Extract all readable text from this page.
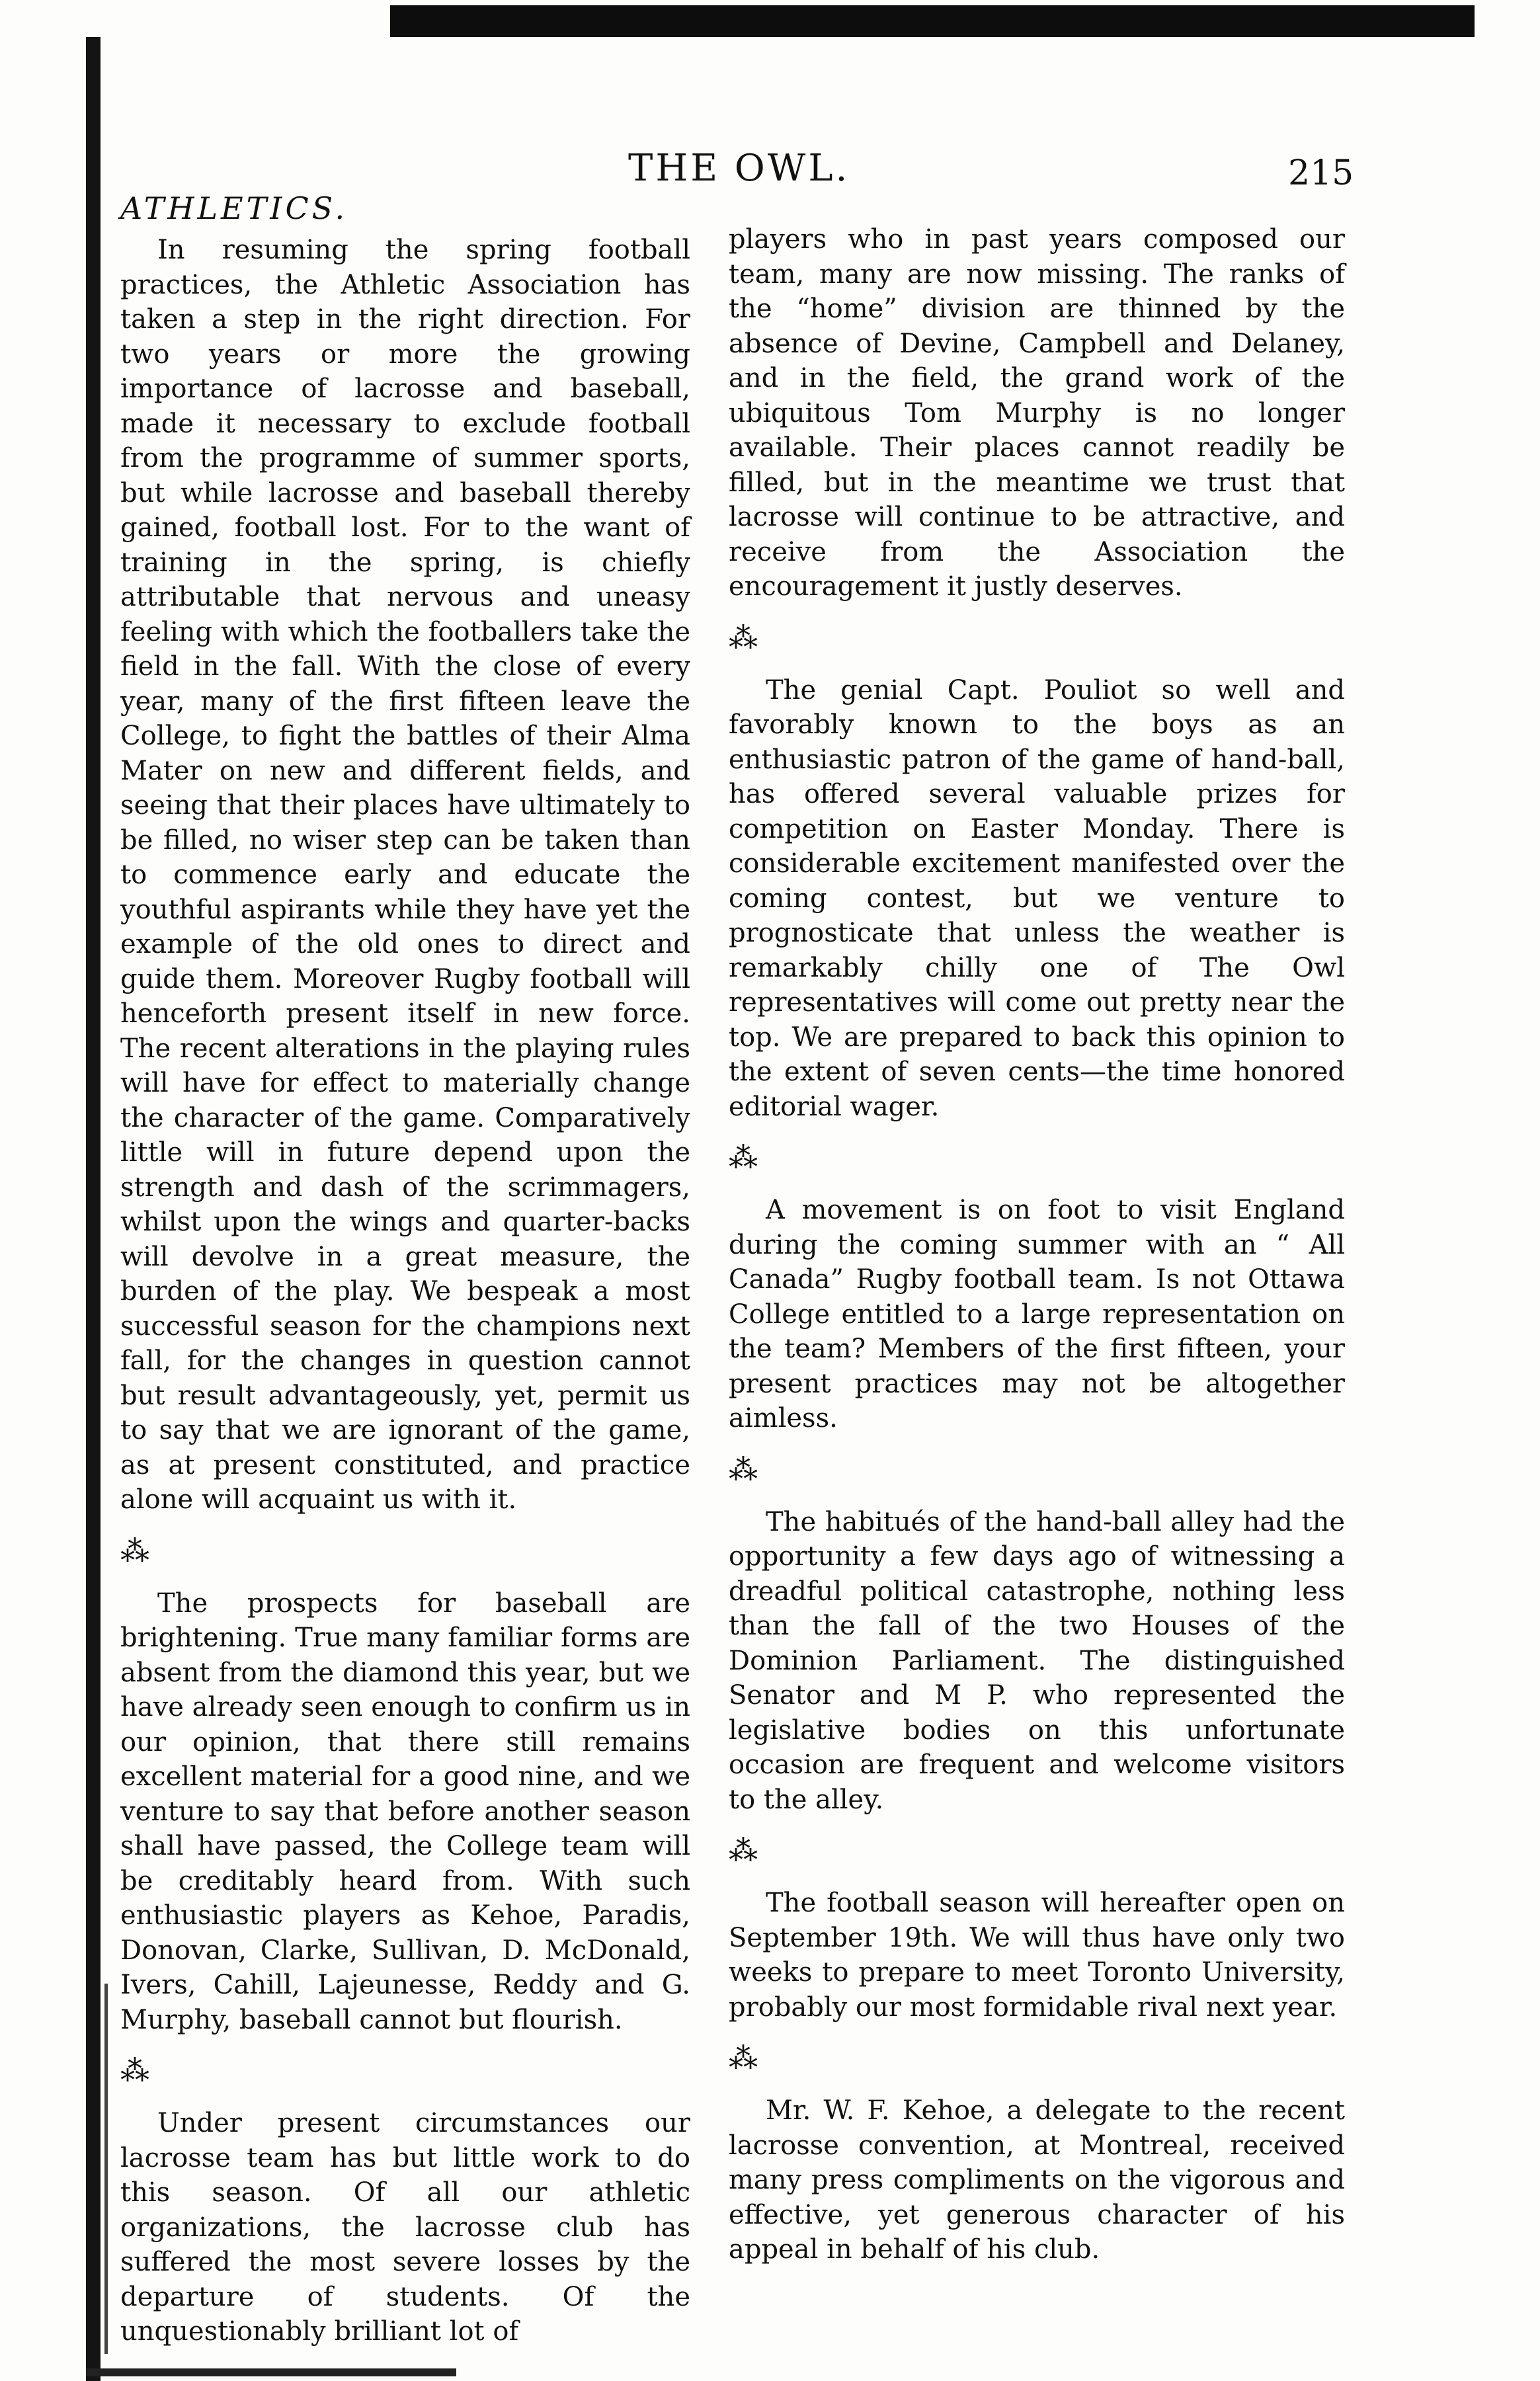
THE OWL.	215
ATHLETICS.

In resuming the spring football practices, the Athletic Association has taken a step in the right direction. For two years or more the growing importance of lacrosse and baseball, made it necessary to exclude football from the programme of summer sports, but while lacrosse and baseball thereby gained, football lost. For to the want of training in the spring, is chiefly attributable that nervous and uneasy feeling with which the footballers take the field in the fall. With the close of every year, many of the first fifteen leave the College, to fight the battles of their Alma Mater on new and different fields, and seeing that their places have ultimately to be filled, no wiser step can be taken than to commence early and educate the youthful aspirants while they have yet the example of the old ones to direct and guide them. Moreover Rugby football will henceforth present itself in new force. The recent alterations in the playing rules will have for effect to materially change the character of the game. Comparatively little will in future depend upon the strength and dash of the scrimmagers, whilst upon the wings and quarter-backs will devolve in a great measure, the burden of the play. We bespeak a most successful season for the champions next fall, for the changes in question cannot but result advantageously, yet, permit us to say that we are ignorant of the game, as at present constituted, and practice alone will acquaint us with it.

⁂

The prospects for baseball are brightening. True many familiar forms are absent from the diamond this year, but we have already seen enough to confirm us in our opinion, that there still remains excellent material for a good nine, and we venture to say that before another season shall have passed, the College team will be creditably heard from. With such enthusiastic players as Kehoe, Paradis, Donovan, Clarke, Sullivan, D. McDonald, Ivers, Cahill, Lajeunesse, Reddy and G. Murphy, baseball cannot but flourish.

⁂

Under present circumstances our lacrosse team has but little work to do this season. Of all our athletic organizations, the lacrosse club has suffered the most severe losses by the departure of students. Of the unquestionably brilliant lot of

players who in past years composed our team, many are now missing. The ranks of the “home” division are thinned by the absence of Devine, Campbell and Delaney, and in the field, the grand work of the ubiquitous Tom Murphy is no longer available. Their places cannot readily be filled, but in the meantime we trust that lacrosse will continue to be attractive, and receive from the Association the encouragement it justly deserves.

⁂

The genial Capt. Pouliot so well and favorably known to the boys as an enthusiastic patron of the game of hand-ball, has offered several valuable prizes for competition on Easter Monday. There is considerable excitement manifested over the coming contest, but we venture to prognosticate that unless the weather is remarkably chilly one of The Owl representatives will come out pretty near the top. We are prepared to back this opinion to the extent of seven cents—the time honored editorial wager.

⁂

A movement is on foot to visit England during the coming summer with an “ All Canada” Rugby football team. Is not Ottawa College entitled to a large representation on the team? Members of the first fifteen, your present practices may not be altogether aimless.

⁂

The habitués of the hand-ball alley had the opportunity a few days ago of witnessing a dreadful political catastrophe, nothing less than the fall of the two Houses of the Dominion Parliament. The distinguished Senator and M P. who represented the legislative bodies on this unfortunate occasion are frequent and welcome visitors to the alley.

⁂

The football season will hereafter open on September 19th. We will thus have only two weeks to prepare to meet Toronto University, probably our most formidable rival next year.

⁂

Mr. W. F. Kehoe, a delegate to the recent lacrosse convention, at Montreal, received many press compliments on the vigorous and effective, yet generous character of his appeal in behalf of his club.
